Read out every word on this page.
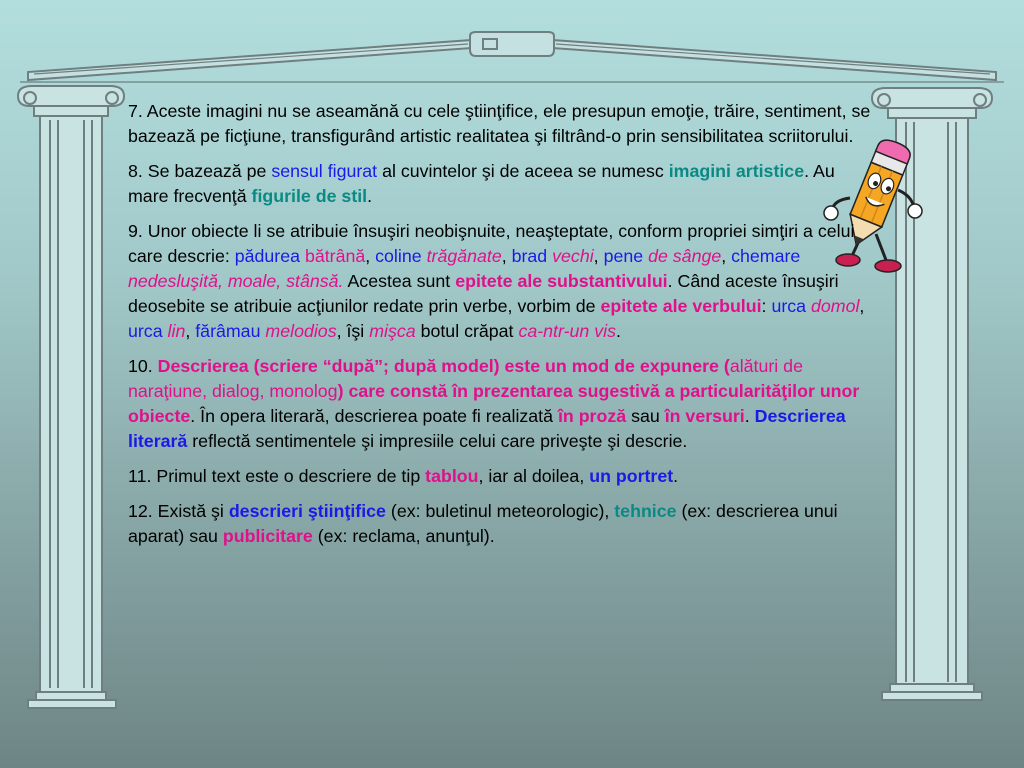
7. Aceste imagini nu se aseamănă cu cele ştiinţifice, ele presupun emoţie, trăire, sentiment, se bazează pe ficţiune, transfigurând artistic realitatea şi filtrând-o prin sensibilitatea scriitorului.

8. Se bazează pe sensul figurat al cuvintelor şi de aceea se numesc imagini artistice. Au mare frecvenţă figurile de stil.

9. Unor obiecte li se atribuie însuşiri neobişnuite, neaşteptate, conform propriei simţiri a celui care descrie: pădurea bătrână, coline trăgănate, brad vechi, pene de sânge, chemare nedesluşită, moale, stânsă. Acestea sunt epitete ale substantivului. Când aceste însuşiri deosebite se atribuie acţiunilor redate prin verbe, vorbim de epitete ale verbului: urca domol, urca lin, fărâmau melodios, îşi mişca botul crăpat ca-ntr-un vis.

10. Descrierea (scriere “după”; după model) este un mod de expunere (alături de naraţiune, dialog, monolog) care constă în prezentarea sugestivă a particularităţilor unor obiecte. În opera literară, descrierea poate fi realizată în proză sau în versuri. Descrierea literară reflectă sentimentele şi impresiile celui care priveşte şi descrie.

11. Primul text este o descriere de tip tablou, iar al doilea, un portret.

12. Există şi descrieri ştiinţifice (ex: buletinul meteorologic), tehnice (ex: descrierea unui aparat) sau publicitare (ex: reclama, anunţul).
